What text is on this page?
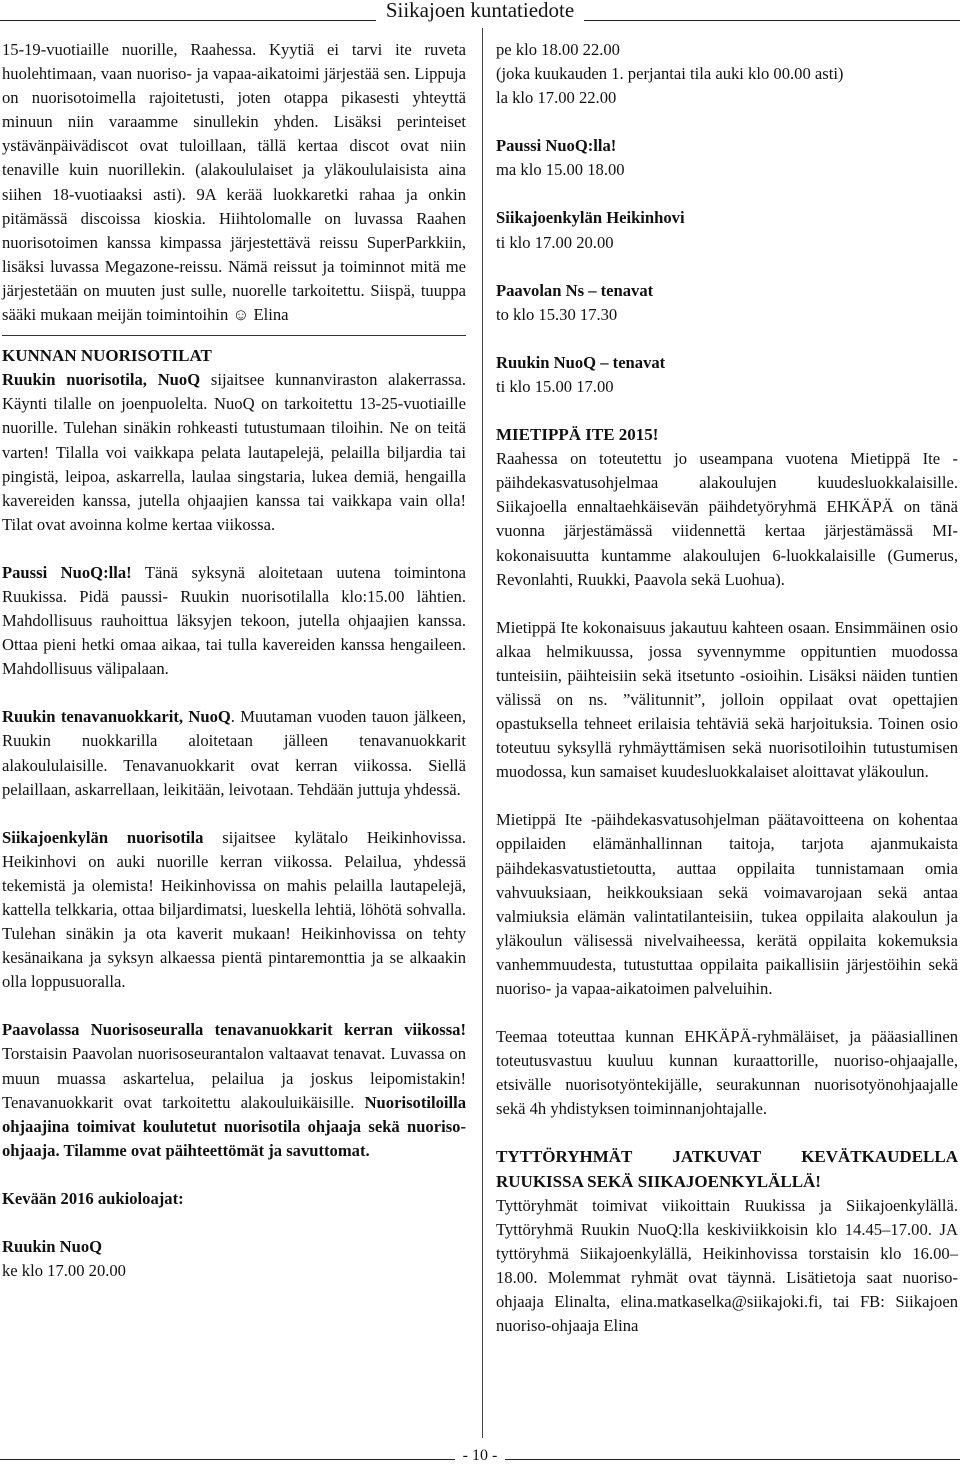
Siikajoen kuntatiedote

15-19-vuotiaille nuorille, Raahessa. Kyytiä ei tarvi ite ruveta huolehtimaan, vaan nuoriso- ja vapaa-aikatoimi järjestää sen. Lippuja on nuorisotoimella rajoitetusti, joten otappa pikasesti yhteyttä minuun niin varaamme sinullekin yhden. Lisäksi perinteiset ystävänpäivädiscot ovat tuloillaan, tällä kertaa discot ovat niin tenaville kuin nuorillekin. (alakoululaiset ja yläkoululaisista aina siihen 18-vuotiaaksi asti). 9A kerää luokkaretki rahaa ja onkin pitämässä discoissa kioskia. Hiihtolomalle on luvassa Raahen nuorisotoimen kanssa kimpassa järjestettävä reissu SuperParkkiin, lisäksi luvassa Megazone-reissu. Nämä reissut ja toiminnot mitä me järjestetään on muuten just sulle, nuorelle tarkoitettu. Siispä, tuuppa sääki mukaan meijän toimintoihin ☺ Elina

KUNNAN NUORISOTILAT

Ruukin nuorisotila, NuoQ sijaitsee kunnanviraston alakerrassa. Käynti tilalle on joenpuolelta. NuoQ on tarkoitettu 13-25-vuotiaille nuorille. Tulehan sinäkin rohkeasti tutustumaan tiloihin. Ne on teitä varten! Tilalla voi vaikkapa pelata lautapelejä, pelailla biljardia tai pingistä, leipoa, askarrella, laulaa singstaria, lukea demiä, hengailla kavereiden kanssa, jutella ohjaajien kanssa tai vaikkapa vain olla! Tilat ovat avoinna kolme kertaa viikossa.

Paussi NuoQ:lla! Tänä syksynä aloitetaan uutena toimintona Ruukissa. Pidä paussi- Ruukin nuorisotilalla klo:15.00 lähtien. Mahdollisuus rauhoittua läksyjen tekoon, jutella ohjaajien kanssa. Ottaa pieni hetki omaa aikaa, tai tulla kavereiden kanssa hengaileen. Mahdollisuus välipalaan.

Ruukin tenavanuokkarit, NuoQ. Muutaman vuoden tauon jälkeen, Ruukin nuokkarilla aloitetaan jälleen tenavanuokkarit alakoululaisille. Tenavanuokkarit ovat kerran viikossa. Siellä pelaillaan, askarrellaan, leikitään, leivotaan. Tehdään juttuja yhdessä.

Siikajoenkylän nuorisotila sijaitsee kylätalo Heikinhovissa. Heikinhovi on auki nuorille kerran viikossa. Pelailua, yhdessä tekemistä ja olemista! Heikinhovissa on mahis pelailla lautapelejä, kattella telkkaria, ottaa biljardimatsi, lueskella lehtiä, löhötä sohvalla. Tulehan sinäkin ja ota kaverit mukaan! Heikinhovissa on tehty kesänaikana ja syksyn alkaessa pientä pintaremonttia ja se alkaakin olla loppusuoralla.

Paavolassa Nuorisoseuralla tenavanuokkarit kerran viikossa! Torstaisin Paavolan nuorisoseurantalon valtaavat tenavat. Luvassa on muun muassa askartelua, pelailua ja joskus leipomistakin! Tenavanuokkarit ovat tarkoitettu alakouluikäisille. Nuorisotiloilla ohjaajina toimivat koulutetut nuorisotila ohjaaja sekä nuoriso-ohjaaja. Tilamme ovat päihteettömät ja savuttomat.

Kevään 2016 aukioloajat:

Ruukin NuoQ

ke klo 17.00 20.00

pe klo 18.00 22.00

(joka kuukauden 1. perjantai tila auki klo 00.00 asti)

la klo 17.00 22.00

Paussi NuoQ:lla!

ma klo 15.00 18.00

Siikajoenkylän Heikinhovi

ti klo 17.00 20.00

Paavolan Ns – tenavat

to klo 15.30 17.30

Ruukin NuoQ – tenavat

ti klo 15.00 17.00

MIETIPPÄ ITE 2015!

Raahessa on toteutettu jo useampana vuotena Mietippä Ite -päihdekasvatusohjelmaa alakoulujen kuudesluokkalaisille. Siikajoella ennaltaehkäisevän päihdetyöryhmä EHKÄPÄ on tänä vuonna järjestämässä viidennettä kertaa järjestämässä MI-kokonaisuutta kuntamme alakoulujen 6-luokkalaisille (Gumerus, Revonlahti, Ruukki, Paavola sekä Luohua).

Mietippä Ite kokonaisuus jakautuu kahteen osaan. Ensimmäinen osio alkaa helmikuussa, jossa syvennymme oppituntien muodossa tunteisiin, päihteisiin sekä itsetunto -osioihin. Lisäksi näiden tuntien välissä on ns. ”välitunnit”, jolloin oppilaat ovat opettajien opastuksella tehneet erilaisia tehtäviä sekä harjoituksia. Toinen osio toteutuu syksyllä ryhmäyttämisen sekä nuorisotiloihin tutustumisen muodossa, kun samaiset kuudesluokkalaiset aloittavat yläkoulun.

Mietippä Ite -päihdekasvatusohjelman päätavoitteena on kohentaa oppilaiden elämänhallinnan taitoja, tarjota ajanmukaista päihdekasvatustietoutta, auttaa oppilaita tunnistamaan omia vahvuuksiaan, heikkouksiaan sekä voimavarojaan sekä antaa valmiuksia elämän valintatilanteisiin, tukea oppilaita alakoulun ja yläkoulun välisessä nivelvaiheessa, kerätä oppilaita kokemuksia vanhemmuudesta, tutustuttaa oppilaita paikallisiin järjestöihin sekä nuoriso- ja vapaa-aikatoimen palveluihin.

Teemaa toteuttaa kunnan EHKÄPÄ-ryhmäläiset, ja pääasiallinen toteutusvastuu kuuluu kunnan kuraattorille, nuoriso-ohjaajalle, etsivälle nuorisotyöntekijälle, seurakunnan nuorisotyönohjaajalle sekä 4h yhdistyksen toiminnanjohtajalle.

TYTTÖRYHMÄT JATKUVAT KEVÄTKAUDELLA RUUKISSA SEKÄ SIIKAJOENKYLÄLLÄ!

Tyttöryhmät toimivat viikoittain Ruukissa ja Siikajoenkylällä. Tyttöryhmä Ruukin NuoQ:lla keskiviikkoisin klo 14.45–17.00. JA tyttöryhmä Siikajoenkylällä, Heikinhovissa torstaisin klo 16.00–18.00. Molemmat ryhmät ovat täynnä. Lisätietoja saat nuoriso-ohjaaja Elinalta, elina.matkaselka@siikajoki.fi, tai FB: Siikajoen nuoriso-ohjaaja Elina

- 10 -
